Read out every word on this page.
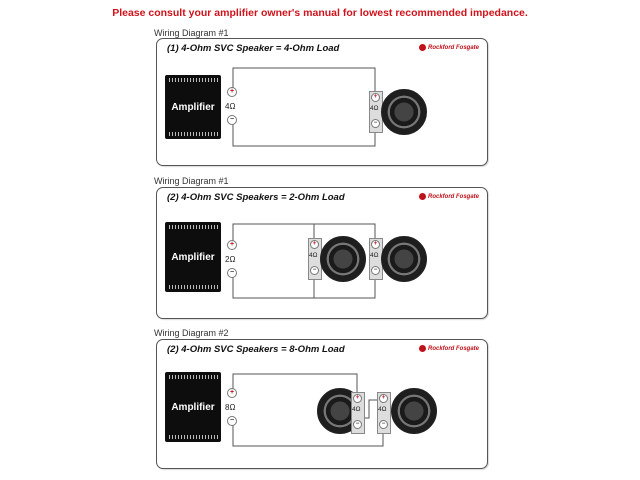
Please consult your amplifier owner's manual for lowest recommended impedance.
Wiring Diagram #1
(1) 4-Ohm SVC Speaker = 4-Ohm Load	Rockford Fosgate
Amplifier
+
4Ω
−
+
4Ω
−
Wiring Diagram #1
(2) 4-Ohm SVC Speakers = 2-Ohm Load	Rockford Fosgate
Amplifier
+
2Ω
−
+
4Ω
−
+
4Ω
−
Wiring Diagram #2
(2) 4-Ohm SVC Speakers = 8-Ohm Load	Rockford Fosgate
Amplifier
+
8Ω
−
+
4Ω
−
+
4Ω
−
